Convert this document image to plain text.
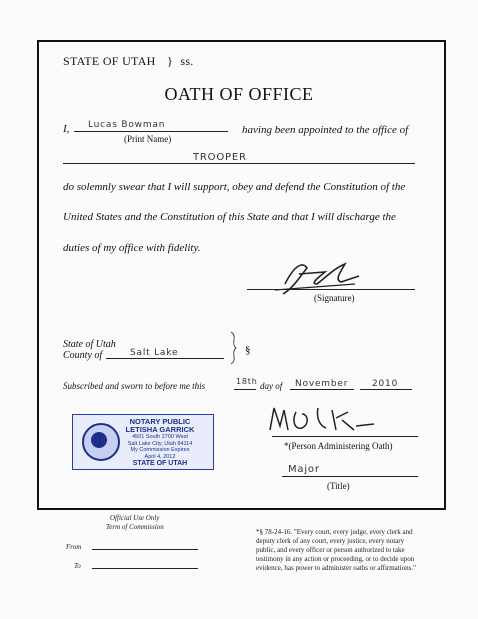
STATE OF UTAH } ss.
OATH OF OFFICE
I, Lucas Bowman
(Print Name)
having been appointed to the office of
TROOPER
do solemnly swear that I will support, obey and defend the Constitution of the
United States and the Constitution of this State and that I will discharge the
duties of my office with fidelity.
(Signature)
State of Utah
County of	Salt Lake	§
Subscribed and sworn to before me this	18th day of November	2010
NOTARY PUBLIC
LETISHA GARRICK
4501 South 2700 West
Salt Lake City, Utah 84114
My Commission Expires
April 4, 2012
STATE OF UTAH
*(Person Administering Oath)
Major
(Title)
Official Use Only
Term of Commission
From
To
*§ 78-24-16. "Every court, every judge, every clerk and deputy clerk of any court, every justice, every notary public, and every officer or person authorized to take testimony in any action or proceeding, or to decide upon evidence, has power to administer oaths or affirmations."
